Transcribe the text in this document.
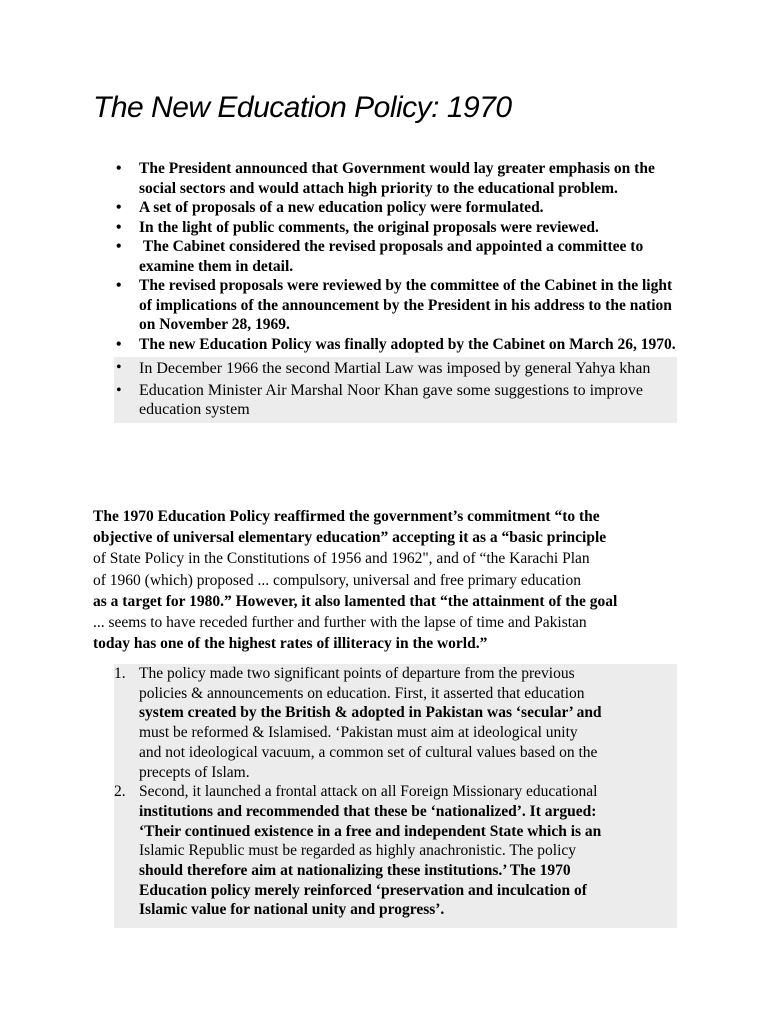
The New Education Policy: 1970
• The President announced that Government would lay greater emphasis on the social sectors and would attach high priority to the educational problem.
• A set of proposals of a new education policy were formulated.
• In the light of public comments, the original proposals were reviewed.
• The Cabinet considered the revised proposals and appointed a committee to examine them in detail.
• The revised proposals were reviewed by the committee of the Cabinet in the light of implications of the announcement by the President in his address to the nation on November 28, 1969.
• The new Education Policy was finally adopted by the Cabinet on March 26, 1970.
• In December 1966 the second Martial Law was imposed by general Yahya khan
• Education Minister Air Marshal Noor Khan gave some suggestions to improve education system

The 1970 Education Policy reaffirmed the government’s commitment “to the
objective of universal elementary education” accepting it as a “basic principle
of State Policy in the Constitutions of 1956 and 1962", and of “the Karachi Plan
of 1960 (which) proposed ... compulsory, universal and free primary education
as a target for 1980.” However, it also lamented that “the attainment of the goal
... seems to have receded further and further with the lapse of time and Pakistan
today has one of the highest rates of illiteracy in the world.”

1. The policy made two significant points of departure from the previous
policies & announcements on education. First, it asserted that education
system created by the British & adopted in Pakistan was ‘secular’ and
must be reformed & Islamised. ‘Pakistan must aim at ideological unity
and not ideological vacuum, a common set of cultural values based on the
precepts of Islam.
2. Second, it launched a frontal attack on all Foreign Missionary educational
institutions and recommended that these be ‘nationalized’. It argued:
‘Their continued existence in a free and independent State which is an
Islamic Republic must be regarded as highly anachronistic. The policy
should therefore aim at nationalizing these institutions.’ The 1970
Education policy merely reinforced ‘preservation and inculcation of
Islamic value for national unity and progress’.
